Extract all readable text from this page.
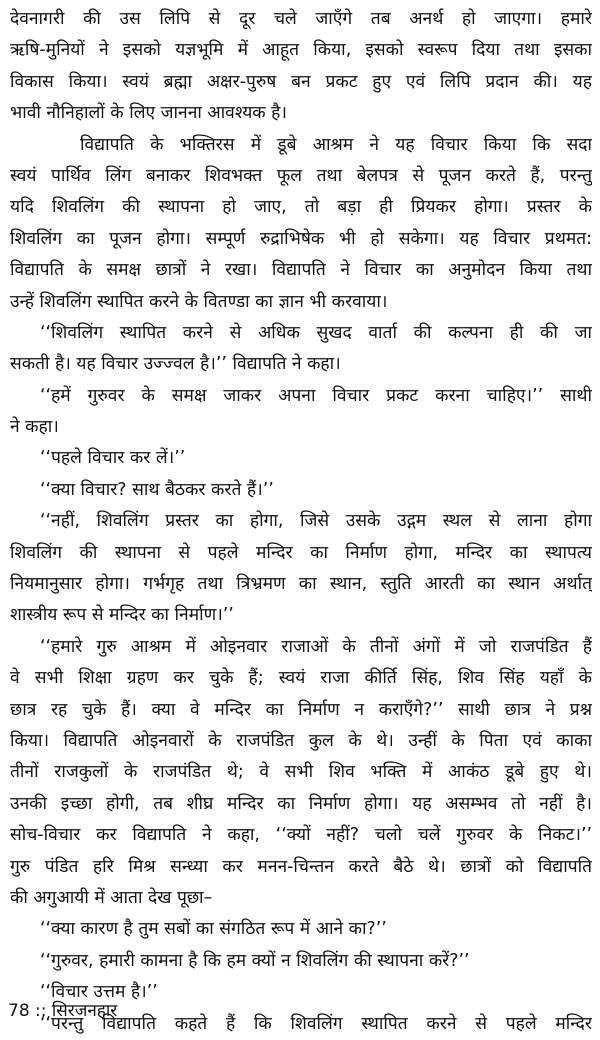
देवनागरी की उस लिपि से दूर चले जाएँगे तब अनर्थ हो जाएगा। हमारे
ऋषि-मुनियों ने इसको यज्ञभूमि में आहूत किया, इसको स्वरूप दिया तथा इसका
विकास किया। स्वयं ब्रह्मा अक्षर-पुरुष बन प्रकट हुए एवं लिपि प्रदान की। यह
भावी नौनिहालों के लिए जानना आवश्यक है।
विद्यापति के भक्तिरस में डूबे आश्रम ने यह विचार किया कि सदा
स्वयं पार्थिव लिंग बनाकर शिवभक्त फूल तथा बेलपत्र से पूजन करते हैं, परन्तु
यदि शिवलिंग की स्थापना हो जाए, तो बड़ा ही प्रियकर होगा। प्रस्तर के
शिवलिंग का पूजन होगा। सम्पूर्ण रुद्राभिषेक भी हो सकेगा। यह विचार प्रथमत:
विद्यापति के समक्ष छात्रों ने रखा। विद्यापति ने विचार का अनुमोदन किया तथा
उन्हें शिवलिंग स्थापित करने के वितण्डा का ज्ञान भी करवाया।
‘‘शिवलिंग स्थापित करने से अधिक सुखद वार्ता की कल्पना ही की जा
सकती है। यह विचार उज्ज्वल है।’’ विद्यापति ने कहा।
‘‘हमें गुरुवर के समक्ष जाकर अपना विचार प्रकट करना चाहिए।’’ साथी
ने कहा।
‘‘पहले विचार कर लें।’’
‘‘क्या विचार? साथ बैठकर करते हैं।’’
‘‘नहीं, शिवलिंग प्रस्तर का होगा, जिसे उसके उद्गम स्थल से लाना होगा
शिवलिंग की स्थापना से पहले मन्दिर का निर्माण होगा, मन्दिर का स्थापत्य
नियमानुसार होगा। गर्भगृह तथा त्रिभ्रमण का स्थान, स्तुति आरती का स्थान अर्थात्
शास्त्रीय रूप से मन्दिर का निर्माण।’’
‘‘हमारे गुरु आश्रम में ओइनवार राजाओं के तीनों अंगों में जो राजपंडित हैं
वे सभी शिक्षा ग्रहण कर चुके हैं; स्वयं राजा कीर्ति सिंह, शिव सिंह यहाँ के
छात्र रह चुके हैं। क्या वे मन्दिर का निर्माण न कराएँगे?’’ साथी छात्र ने प्रश्न
किया। विद्यापति ओइनवारों के राजपंडित कुल के थे। उन्हीं के पिता एवं काका
तीनों राजकुलों के राजपंडित थे; वे सभी शिव भक्ति में आकंठ डूबे हुए थे।
उनकी इच्छा होगी, तब शीघ्र मन्दिर का निर्माण होगा। यह असम्भव तो नहीं है।
सोच-विचार कर विद्यापति ने कहा, ‘‘क्यों नहीं? चलो चलें गुरुवर के निकट।’’
गुरु पंडित हरि मिश्र सन्ध्या कर मनन-चिन्तन करते बैठे थे। छात्रों को विद्यापति
की अगुआयी में आता देख पूछा–
‘‘क्या कारण है तुम सबों का संगठित रूप में आने का?’’
‘‘गुरुवर, हमारी कामना है कि हम क्यों न शिवलिंग की स्थापना करें?’’
‘‘विचार उत्तम है।’’
‘‘परन्तु विद्यापति कहते हैं कि शिवलिंग स्थापित करने से पहले मन्दिर
78 :: सिरजनहार
